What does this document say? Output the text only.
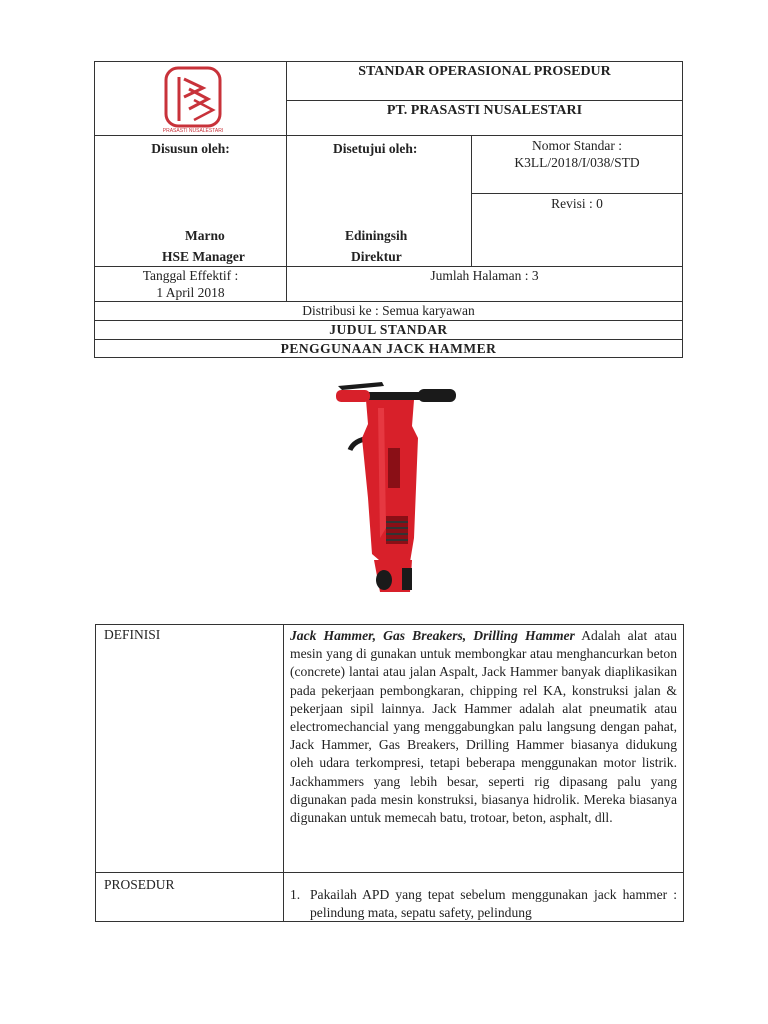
PRASASTI NUSALESTARI
STANDAR OPERASIONAL PROSEDUR
PT. PRASASTI NUSALESTARI
Disusun oleh:
Marno
HSE Manager
Disetujui oleh:
Ediningsih
Direktur
Nomor Standar :
K3LL/2018/I/038/STD
Revisi : 0
Tanggal Effektif :
1 April 2018
Jumlah Halaman : 3
Distribusi ke : Semua karyawan
JUDUL STANDAR
PENGGUNAAN JACK HAMMER
DEFINISI	Jack Hammer, Gas Breakers, Drilling Hammer Adalah alat atau mesin yang di gunakan untuk membongkar atau menghancurkan beton (concrete) lantai atau jalan Aspalt, Jack Hammer banyak diaplikasikan pada pekerjaan pembongkaran, chipping rel KA, konstruksi jalan & pekerjaan sipil lainnya. Jack Hammer adalah alat pneumatik atau electromechancial yang menggabungkan palu langsung dengan pahat, Jack Hammer, Gas Breakers, Drilling Hammer biasanya didukung oleh udara terkompresi, tetapi beberapa menggunakan motor listrik. Jackhammers yang lebih besar, seperti rig dipasang palu yang digunakan pada mesin konstruksi, biasanya hidrolik. Mereka biasanya digunakan untuk memecah batu, trotoar, beton, asphalt, dll.
PROSEDUR
1. Pakailah APD yang tepat sebelum menggunakan jack hammer : pelindung mata, sepatu safety, pelindung
